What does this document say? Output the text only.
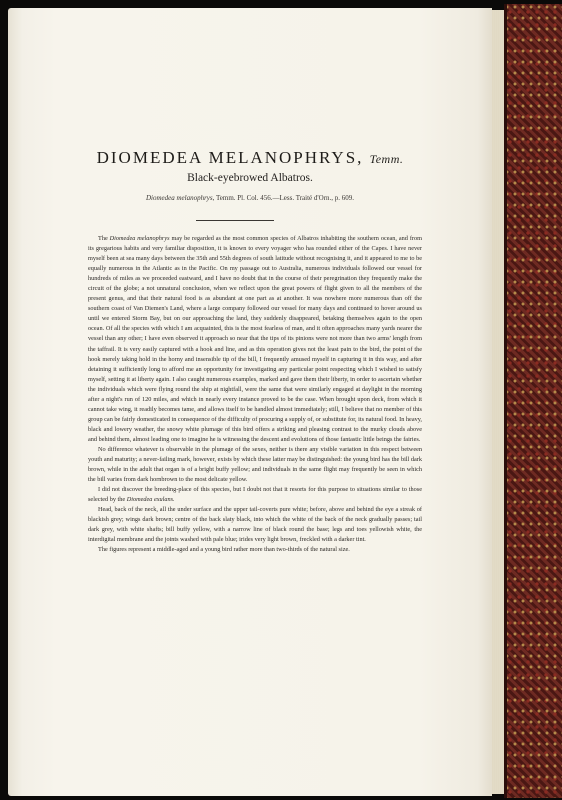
DIOMEDEA MELANOPHRYS, Temm.
Black-eyebrowed Albatros.
Diomedea melanophrys, Temm. Pl. Col. 456.—Less. Traité d'Orn., p. 609.

The Diomedea melanophrys may be regarded as the most common species of Albatros inhabiting the southern ocean, and from its gregarious habits and very familiar disposition, it is known to every voyager who has rounded either of the Capes. I have never myself been at sea many days between the 35th and 55th degrees of south latitude without recognising it, and it appeared to me to be equally numerous in the Atlantic as in the Pacific. On my passage out to Australia, numerous individuals followed our vessel for hundreds of miles as we proceeded eastward, and I have no doubt that in the course of their peregrination they frequently make the circuit of the globe; a not unnatural conclusion, when we reflect upon the great powers of flight given to all the members of the present genus, and that their natural food is as abundant at one part as at another. It was nowhere more numerous than off the southern coast of Van Diemen's Land, where a large company followed our vessel for many days and continued to hover around us until we entered Storm Bay, but on our approaching the land, they suddenly disappeared, betaking themselves again to the open ocean. Of all the species with which I am acquainted, this is the most fearless of man, and it often approaches many yards nearer the vessel than any other; I have even observed it approach so near that the tips of its pinions were not more than two arms' length from the taffrail. It is very easily captured with a hook and line, and as this operation gives not the least pain to the bird, the point of the hook merely taking hold in the horny and insensible tip of the bill, I frequently amused myself in capturing it in this way, and after detaining it sufficiently long to afford me an opportunity for investigating any particular point respecting which I wished to satisfy myself, setting it at liberty again. I also caught numerous examples, marked and gave them their liberty, in order to ascertain whether the individuals which were flying round the ship at nightfall, were the same that were similarly engaged at daylight in the morning after a night's run of 120 miles, and which in nearly every instance proved to be the case. When brought upon deck, from which it cannot take wing, it readily becomes tame, and allows itself to be handled almost immediately; still, I believe that no member of this group can be fairly domesticated in consequence of the difficulty of procuring a supply of, or substitute for, its natural food. In heavy, black and lowery weather, the snowy white plumage of this bird offers a striking and pleasing contrast to the murky clouds above and behind them, almost leading one to imagine he is witnessing the descent and evolutions of those fantastic little beings the fairies.

No difference whatever is observable in the plumage of the sexes, neither is there any visible variation in this respect between youth and maturity; a never-failing mark, however, exists by which these latter may be distinguished: the young bird has the bill dark brown, while in the adult that organ is of a bright buffy yellow; and individuals in the same flight may frequently be seen in which the bill varies from dark hornbrown to the most delicate yellow.

I did not discover the breeding-place of this species, but I doubt not that it resorts for this purpose to situations similar to those selected by the Diomedea exulans.

Head, back of the neck, all the under surface and the upper tail-coverts pure white; before, above and behind the eye a streak of blackish grey; wings dark brown; centre of the back slaty black, into which the white of the back of the neck gradually passes; tail dark grey, with white shafts; bill buffy yellow, with a narrow line of black round the base; legs and toes yellowish white, the interdigital membrane and the joints washed with pale blue; irides very light brown, freckled with a darker tint.

The figures represent a middle-aged and a young bird rather more than two-thirds of the natural size.
